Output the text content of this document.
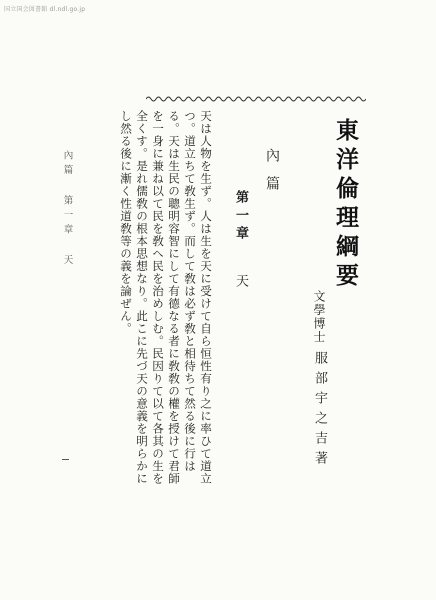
国立国会図書館 dl.ndl.go.jp
東洋倫理綱要
文學博士
服部宇之吉著
內篇
第一章 天

天は人物を生ず。人は生を天に受けて自ら恒性有り之に率ひて道立つ。道立ちて敎生ず。而して敎は必ず敎と相待ちて然る後に行はる。天は生民の聰明容智にして有德なる者に敎敎の權を授けて君師を一身に兼ね以て民を敎へ民を治めしむ。民因りて以て各其の生を全くす。是れ儒敎の根本思想なり。此こに先づ天の意義を明らかにし然る後に漸く性道敎等の義を論ぜん。

內篇 第一章 天
